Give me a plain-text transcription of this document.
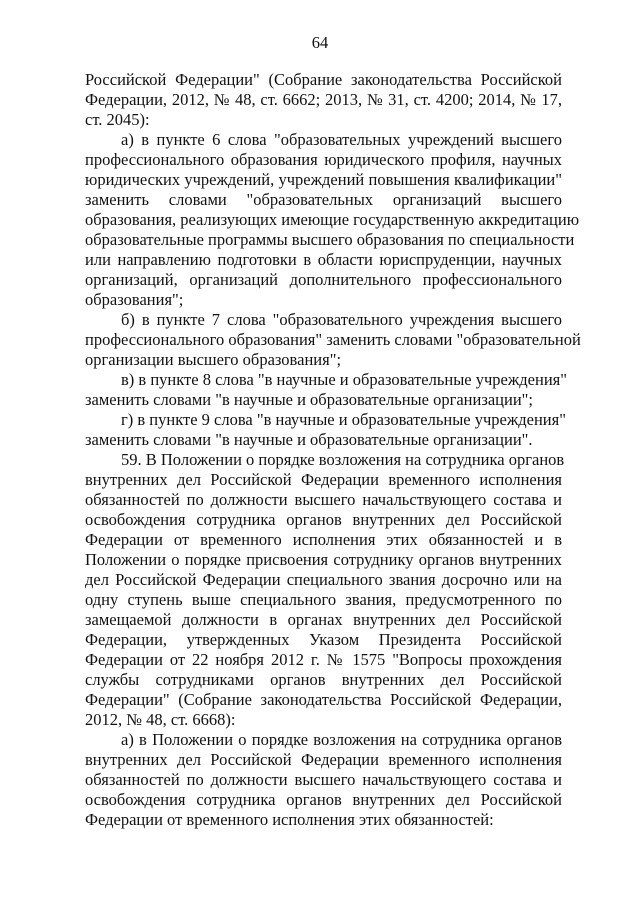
64
Российской Федерации" (Собрание законодательства Российской
Федерации, 2012, № 48, ст. 6662; 2013, № 31, ст. 4200; 2014, № 17,
ст. 2045):
а) в пункте 6 слова "образовательных учреждений высшего
профессионального образования юридического профиля, научных
юридических учреждений, учреждений повышения квалификации"
заменить словами "образовательных организаций высшего
образования, реализующих имеющие государственную аккредитацию
образовательные программы высшего образования по специальности
или направлению подготовки в области юриспруденции, научных
организаций, организаций дополнительного профессионального
образования";
б) в пункте 7 слова "образовательного учреждения высшего
профессионального образования" заменить словами "образовательной
организации высшего образования";
в) в пункте 8 слова "в научные и образовательные учреждения"
заменить словами "в научные и образовательные организации";
г) в пункте 9 слова "в научные и образовательные учреждения"
заменить словами "в научные и образовательные организации".
59. В Положении о порядке возложения на сотрудника органов
внутренних дел Российской Федерации временного исполнения
обязанностей по должности высшего начальствующего состава и
освобождения сотрудника органов внутренних дел Российской
Федерации от временного исполнения этих обязанностей и в
Положении о порядке присвоения сотруднику органов внутренних
дел Российской Федерации специального звания досрочно или на
одну ступень выше специального звания, предусмотренного по
замещаемой должности в органах внутренних дел Российской
Федерации, утвержденных Указом Президента Российской
Федерации от 22 ноября 2012 г. № 1575 "Вопросы прохождения
службы сотрудниками органов внутренних дел Российской
Федерации" (Собрание законодательства Российской Федерации,
2012, № 48, ст. 6668):
а) в Положении о порядке возложения на сотрудника органов
внутренних дел Российской Федерации временного исполнения
обязанностей по должности высшего начальствующего состава и
освобождения сотрудника органов внутренних дел Российской
Федерации от временного исполнения этих обязанностей:
